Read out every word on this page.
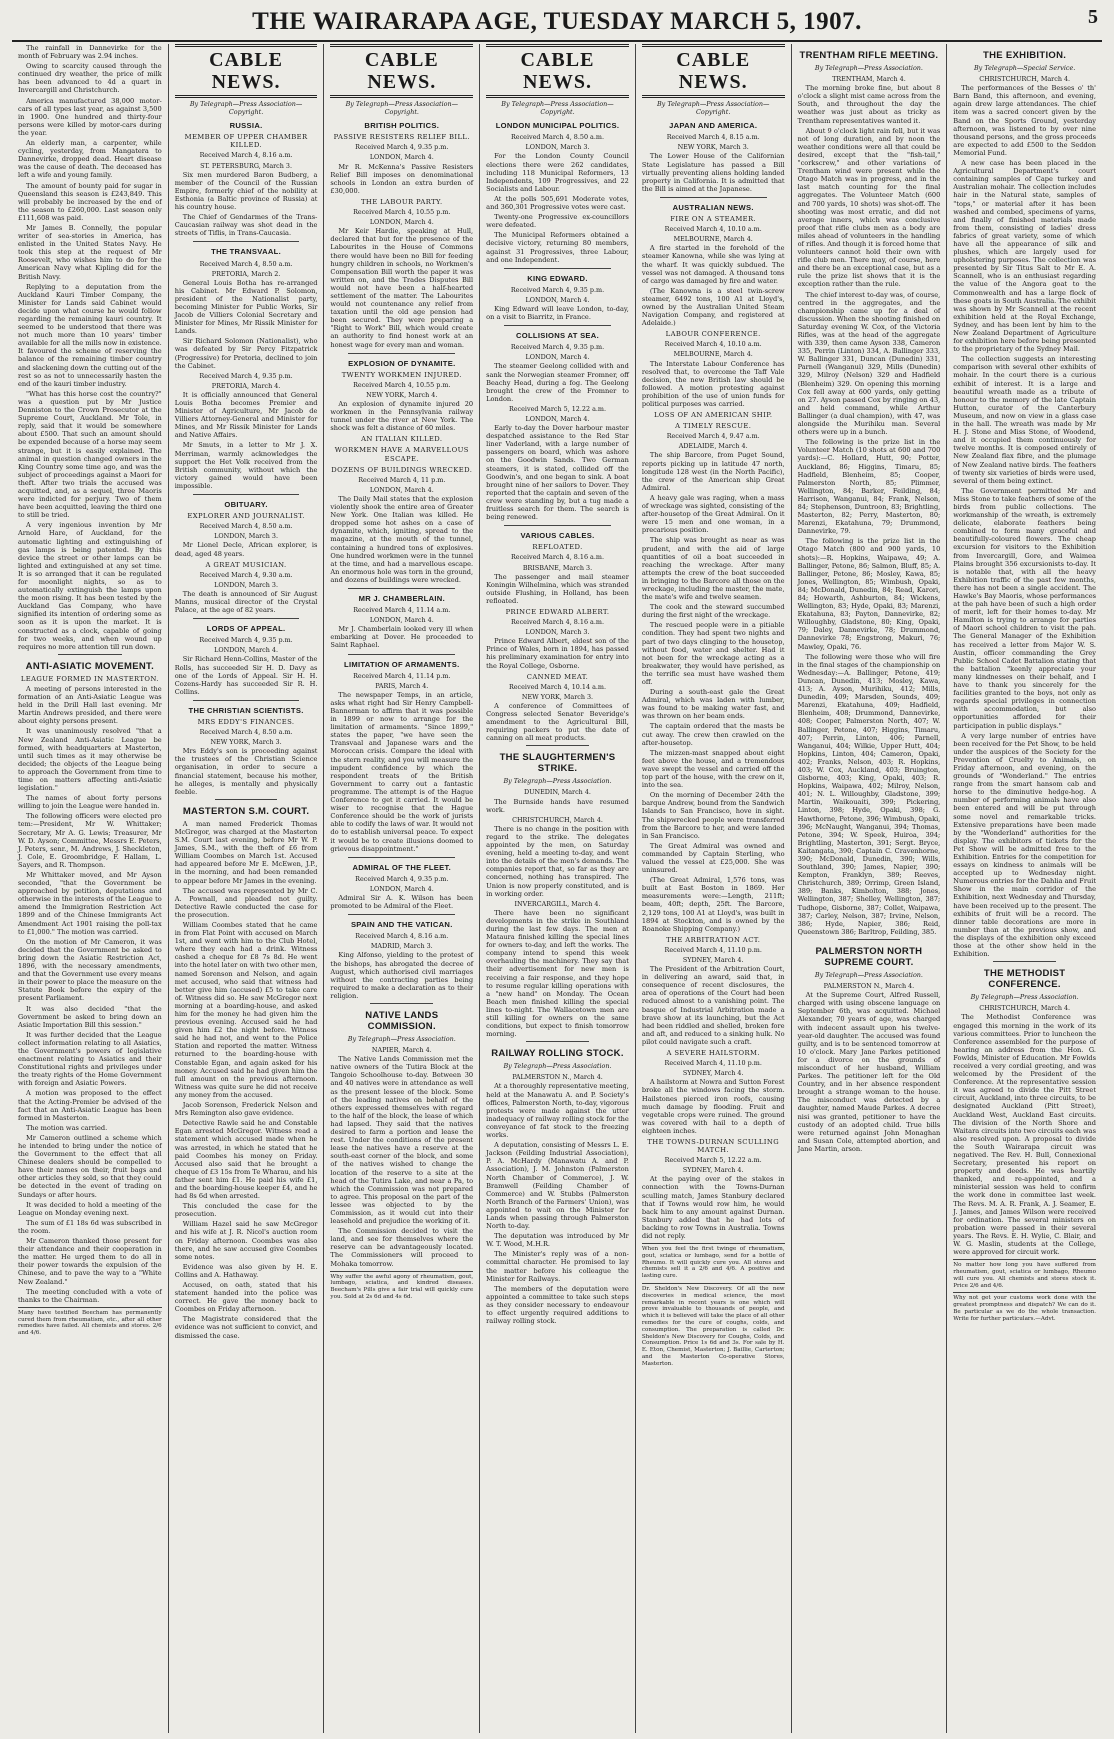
THE WAIRARAPA AGE, TUESDAY MARCH 5, 1907.	5

The rainfall in Dannevirke for the month of February was 2.94 inches.

Owing to scarcity caused through the continued dry weather, the price of milk has been advanced to 4d a quart in Invercargill and Christchurch.

America manufactured 38,000 motor-cars of all types last year, as against 3,500 in 1900. One hundred and thirty-four persons were killed by motor-cars during the year.

An elderly man, a carpenter, while cycling, yesterday, from Mangatera to Dannevirke, dropped dead. Heart disease was the cause of death. The deceased has left a wife and young family.

The amount of bounty paid for sugar in Queensland this season is £243,849. This will probably be increased by the end of the season to £260,000. Last season only £111,608 was paid.

Mr James B. Connelly, the popular writer of sea-stories in America, has enlisted in the United States Navy. He took this step at the request of Mr Roosevelt, who wishes him to do for the American Navy what Kipling did for the British Navy.

Replying to a deputation from the Auckland Kauri Timber Company, the Minister for Lands said Cabinet would decide upon what course he would follow regarding the remaining kauri country. It seemed to be understood that there was not much more than 10 years' timber available for all the mills now in existence. It favoured the scheme of reserving the balance of the remaining timber country and slackening down the cutting out of the rest so as not to unnecessarily hasten the end of the kauri timber industry.

"What has this horse cost the country?" was a question put by Mr Justice Denniston to the Crown Prosecutor at the Supreme Court, Auckland. Mr Tole, in reply, said that it would be somewhere about £500. That such an amount should be expended because of a horse may seem strange, but it is easily explained. The animal in question changed owners in the King Country some time ago, and was the subject of proceedings against a Maori for theft. After two trials the accused was acquitted, and, as a sequel, three Maoris were indicted for perjury. Two of them have been acquitted, leaving the third one to still be tried.

A very ingenious invention by Mr Arnold Hare, of Auckland, for the automatic lighting and extinguishing of gas lamps is being patented. By this device the street or other lamps can be lighted and extinguished at any set time. It is so arranged that it can be regulated for moonlight nights, so as to automatically extinguish the lamps upon the moon rising. It has been tested by the Auckland Gas Company, who have signified its intention of ordering some as soon as it is upon the market. It is constructed as a clock, capable of going for two weeks, and when wound up requires no more attention till run down.

ANTI-ASIATIC MOVEMENT.
LEAGUE FORMED IN MASTERTON.

A meeting of persons interested in the formation of an Anti-Asiatic League was held in the Drill Hall last evening. Mr Martin Andrews presided, and there were about eighty persons present.

It was unanimously resolved "that a New Zealand Anti-Asiatic League be formed, with headquarters at Masterton, until such times as it may otherwise be decided; the objects of the League being to approach the Government from time to time on matters affecting anti-Asiatic legislation."

The names of about forty persons willing to join the League were handed in.

The following officers were elected pro tem:—President, Mr W. Whittaker; Secretary, Mr A. G. Lewis; Treasurer, Mr W. D. Ayson; Committee, Messrs E. Peters, J. Peters, senr., M. Andrews, J. Sheckleton, J. Cole, E. Groombridge, F. Hallam, L. Sayers, and R. Thompson.

Mr Whittaker moved, and Mr Ayson seconded, "that the Government be approached by petition, deputations and otherwise in the interests of the League to amend the Immigration Restriction Act 1899 and of the Chinese Immigrants Act Amendment Act 1901 raising the poll-tax to £1,000." The motion was carried.

On the motion of Mr Cameron, it was decided that the Government be asked to bring down the Asiatic Restriction Act, 1896, with the necessary amendments, and that the Government use every means in their power to place the measure on the Statute Book before the expiry of the present Parliament.

It was also decided "that the Government be asked to bring down an Asiatic Importation Bill this session."

It was further decided that the League collect information relating to all Asiatics, the Government's powers of legislative enactment relating to Asiatics and their Constitutional rights and privileges under the treaty rights of the Home Government with foreign and Asiatic Powers.

A motion was proposed to the effect that the Acting-Premier be advised of the fact that an Anti-Asiatic League has been formed in Masterton.

The motion was carried.

Mr Cameron outlined a scheme which he intended to bring under the notice of the Government to the effect that all Chinese dealers should be compelled to have their names on their, fruit bags and other articles they sold, so that they could be detected in the event of trading on Sundays or after hours.

It was decided to hold a meeting of the League on Monday evening next.

The sum of £1 18s 6d was subscribed in the room.

Mr Cameron thanked those present for their attendance and their cooperation in the matter. He urged them to do all in their power towards the expulsion of the Chinese, and to pave the way to a "White New Zealand."

The meeting concluded with a vote of thanks to the Chairman.

Many have testified Beecham has permanently cured them from rheumatism, etc., after all other remedies have failed. All chemists and stores. 2/6 and 4/6.
CABLE NEWS.
By Telegraph—Press Association—Copyright.
RUSSIA.
MEMBER OF UPPER CHAMBER KILLED.
Received March 4, 8.16 a.m.
ST. PETERSBURG, March 3.

Six men murdered Baron Budberg, a member of the Council of the Russian Empire, formerly chief of the nobility at Esthonia (a Baltic province of Russia) at his country house.

The Chief of Gendarmes of the Trans-Caucasian railway was shot dead in the streets of Tiflis, in Trans-Caucasia.

THE TRANSVAAL.
Received March 4, 8.50 a.m.
PRETORIA, March 2.

General Louis Botha has re-arranged his Cabinet. Mr Edward P. Solomon, president of the Nationalist party, becoming Minister for Public Works, Sir Jacob de Villiers Colonial Secretary and Minister for Mines, Mr Rissik Minister for Lands.

Sir Richard Solomon (Nationalist), who was defeated by Sir Percy Fitzpatrick (Progressive) for Pretoria, declined to join the Cabinet.

Received March 4, 9.35 p.m.
PRETORIA, March 4.

It is officially announced that General Louis Botha becomes Premier and Minister of Agriculture, Mr Jacob de Villiers Attorney-General and Minister for Mines, and Mr Rissik Minister for Lands and Native Affairs.

Mr Smuts, in a letter to Mr J. X. Merriman, warmly acknowledges the support the Het Volk received from the British community, without which the victory gained would have been impossible.

OBITUARY.
EXPLORER AND JOURNALIST.
Received March 4, 8.50 a.m.
LONDON, March 3.

Mr Lionel Decle, African explorer, is dead, aged 48 years.

A GREAT MUSICIAN.
Received March 4, 9.30 a.m.
LONDON, March 3.

The death is announced of Sir August Manns, musical director of the Crystal Palace, at the age of 82 years.

LORDS OF APPEAL.
Received March 4, 9.35 p.m.
LONDON, March 4.

Sir Richard Henn-Collins, Master of the Rolls, has succeeded Sir H. D. Davy as one of the Lords of Appeal. Sir H. H. Cozens-Hardy has succeeded Sir R. H. Collins.

THE CHRISTIAN SCIENTISTS.
MRS EDDY'S FINANCES.
Received March 4, 8.50 a.m.
NEW YORK, March 3.

Mrs Eddy's son is proceeding against the trustees of the Christian Science organisation, in order to secure a financial statement, because his mother, he alleges, is mentally and physically feeble.

MASTERTON S.M. COURT.

A man named Frederick Thomas McGregor, was charged at the Masterton S.M. Court last evening, before Mr W. P. James, S.M., with the theft of £6 from William Coombes on March 1st. Accused had appeared before Mr E. McEwen, J.P., in the morning, and had been remanded to appear before Mr James in the evening.

The accused was represented by Mr C. A. Pownall, and pleaded not guilty. Detective Rawle conducted the case for the prosecution.

William Coombes stated that he came in from Flat Point with accused on March 1st, and went with him to the Club Hotel, where they each had a drink. Witness cashed a cheque for £8 7s 8d. He went into the hotel later on with two other men, named Sorenson and Nelson, and again met accused, who said that witness had better give him (accused) £5 to take care of. Witness did so. He saw McGregor next morning at a boarding-house, and asked him for the money he had given him the previous evening. Accused said he had given him £2 the night before. Witness said he had not, and went to the Police Station and reported the matter. Witness returned to the boarding-house with Constable Egan, and again asked for his money. Accused said he had given him the full amount on the previous afternoon. Witness was quite sure he did not receive any money from the accused.

Jacob Sorenson, Frederick Nelson and Mrs Remington also gave evidence.

Detective Rawle said he and Constable Egan arrested McGregor. Witness read a statement which accused made when he was arrested, in which he stated that he paid Coombes his money on Friday. Accused also said that he brought a cheque of £3 15s from Te Wharau, and his father sent him £1. He paid his wife £1, and the boarding-house keeper £4, and he had 8s 6d when arrested.

This concluded the case for the prosecution.

William Hazel said he saw McGregor and his wife at J. R. Nicol's auction room on Friday afternoon. Coombes was also there, and he saw accused give Coombes some notes.

Evidence was also given by H. E. Collins and A. Hathaway.

Accused, on oath, stated that his statement handed into the police was correct. He gave the money back to Coombes on Friday afternoon.

The Magistrate considered that the evidence was not sufficient to convict, and dismissed the case.

CABLE NEWS.
By Telegraph—Press Association—Copyright.
BRITISH POLITICS.
PASSIVE RESISTERS RELIEF BILL.
Received March 4, 9.35 p.m.
LONDON, March 4.

Mr R. McKenna's Passive Resisters Relief Bill imposes on denominational schools in London an extra burden of £30,000.

THE LABOUR PARTY.
Received March 4, 10.55 p.m.
LONDON, March 4.

Mr Keir Hardie, speaking at Hull, declared that but for the presence of the Labourites in the House of Commons there would have been no Bill for feeding hungry children in schools, no Workmen's Compensation Bill worth the paper it was written on, and the Trades Disputes Bill would not have been a half-hearted settlement of the matter. The Labourites would not countenance any relief from taxation until the old age pension had been secured. They were preparing a "Right to Work" Bill, which would create an authority to find honest work at an honest wage for every man and woman.

EXPLOSION OF DYNAMITE.
TWENTY WORKMEN INJURED.
Received March 4, 10.55 p.m.
NEW YORK, March 4.

An explosion of dynamite injured 20 workmen in the Pennsylvania railway tunnel under the river at New York. The shock was felt a distance of 60 miles.

AN ITALIAN KILLED.
WORKMEN HAVE A MARVELLOUS ESCAPE.
DOZENS OF BUILDINGS WRECKED.
Received March 4, 11 p.m.
LONDON, March 4.

The Daily Mail states that the explosion violently shook the entire area of Greater New York. One Italian was killed. He dropped some hot ashes on a case of dynamite, which, igniting, spread to the magazine, at the mouth of the tunnel, containing a hundred tons of explosives. One hundred workmen were in the tunnel at the time, and had a marvellous escape. An enormous hole was torn in the ground, and dozens of buildings were wrecked.

MR J. CHAMBERLAIN.
Received March 4, 11.14 a.m.
LONDON, March 4.

Mr J. Chamberlain looked very ill when embarking at Dover. He proceeded to Saint Raphael.

LIMITATION OF ARMAMENTS.
Received March 4, 11.14 p.m.
PARIS, March 4.

The newspaper Temps, in an article, asks what right had Sir Henry Campbell-Bannerman to affirm that it was possible in 1899 or now to arrange for the limitation of armaments. "Since 1899," states the paper, "we have seen the Transvaal and Japanese wars and the Moroccan crisis. Compare the ideal with the stern reality, and you will measure the impudent confidence by which the respondent treats of the British Government to carry out a fantastic programme. The attempt is of the Hague Conference to get it carried. It would be wiser to recognise that the Hague Conference should be the work of jurists able to codify the laws of war. It would not do to establish universal peace. To expect it would be to create illusions doomed to grievous disappointment."

ADMIRAL OF THE FLEET.
Received March 4, 9.35 p.m.
LONDON, March 4.

Admiral Sir A. K. Wilson has been promoted to be Admiral of the Fleet.

SPAIN AND THE VATICAN.
Received March 4, 8.16 a.m.
MADRID, March 3.

King Alfonso, yielding to the protest of the bishops, has abrogated the decree of August, which authorised civil marriages without the contracting parties being required to make a declaration as to their religion.

NATIVE LANDS COMMISSION.
By Telegraph—Press Association.
NAPIER, March 4.

The Native Lands Commission met the native owners of the Tutira Block at the Tangoio Schoolhouse to-day. Between 30 and 40 natives were in attendance as well as the present lessee of the block. Some of the leading natives on behalf of the others expressed themselves with regard to the half of the block, the lease of which had lapsed. They said that the natives desired to farm a portion and lease the rest. Under the conditions of the present lease the natives have a reserve at the south-east corner of the block, and some of the natives wished to change the location of the reserve to a site at the head of the Tutira Lake, and near a Pa, to which the Commission was not prepared to agree. This proposal on the part of the lessee was objected to by the Commission, as it would cut into their leasehold and prejudice the working of it.

The Commission decided to visit the land, and see for themselves where the reserve can be advantageously located. The Commissioners will proceed to Mohaka tomorrow.

Why suffer the awful agony of rheumatism, gout, lumbago, sciatica, and kindred diseases. Beecham's Pills give a fair trial will quickly cure you. Sold at 2s 6d and 4s 6d.
CABLE NEWS.
By Telegraph—Press Association—Copyright.
LONDON MUNICIPAL POLITICS.
Received March 4, 8.50 a.m.
LONDON, March 3.

For the London County Council elections there were 262 candidates, including 118 Municipal Reformers, 13 Independents, 109 Progressives, and 22 Socialists and Labour.

At the polls 505,691 Moderate votes, and 360,301 Progressive votes were cast.

Twenty-one Progressive ex-councillors were defeated.

The Municipal Reformers obtained a decisive victory, returning 80 members, against 31 Progressives, three Labour, and one Independent.

KING EDWARD.
Received March 4, 9.35 p.m.
LONDON, March 4.

King Edward will leave London, to-day, on a visit to Biarritz, in France.

COLLISIONS AT SEA.
Received March 4, 9.35 p.m.
LONDON, March 4.

The steamer Geelong collided with and sank the Norwegian steamer Fromner, off Beachy Head, during a fog. The Geelong brought the crew of the Fromner to London.

Received March 5, 12.22 a.m.
LONDON, March 4.

Early to-day the Dover harbour master despatched assistance to the Red Star liner Vaderland, with a large number of passengers on board, which was ashore on the Goodwin Sands. Two German steamers, it is stated, collided off the Goodwin's, and one began to sink. A boat brought nine of her sailors to Dover. They reported that the captain and seven of the crew were standing by, but a tug made a fruitless search for them. The search is being renewed.

VARIOUS CABLES.
REFLOATED.
Received March 4, 8.16 a.m.
BRISBANE, March 3.

The passenger and mail steamer Koningin Wilhelmina, which was stranded outside Flushing, in Holland, has been refloated.

PRINCE EDWARD ALBERT.
Received March 4, 8.16 a.m.
LONDON, March 3.

Prince Edward Albert, eldest son of the Prince of Wales, born in 1894, has passed his preliminary examination for entry into the Royal College, Osborne.

CANNED MEAT.
Received March 4, 10.14 a.m.
NEW YORK, March 3.

A conference of Committees of Congress selected Senator Beveridge's amendment to the Agricultural Bill, requiring packers to put the date of canning on all meat products.

THE SLAUGHTERMEN'S STRIKE.
By Telegraph—Press Association.
DUNEDIN, March 4.

The Burnside hands have resumed work.

CHRISTCHURCH, March 4.

There is no change in the position with regard to the strike. The delegates appointed by the men, on Saturday evening, held a meeting to-day, and went into the details of the men's demands. The companies report that, so far as they are concerned, nothing has transpired. The Union is now properly constituted, and is in working order.

INVERCARGILL, March 4.

There have been no significant developments in the strike in Southland during the last few days. The men at Mataura finished killing the special lines for owners to-day, and left the works. The company intend to spend this week overhauling the machinery. They say that their advertisement for new men is receiving a fair response, and they hope to resume regular killing operations with a "new hand" on Monday. The Ocean Beach men finished killing the special lines to-night. The Wallacetown men are still killing for owners on the same conditions, but expect to finish tomorrow morning.

RAILWAY ROLLING STOCK.
By Telegraph—Press Association.
PALMERSTON N., March 4.

At a thoroughly representative meeting, held at the Manawatu A. and P. Society's offices, Palmerston North, to-day, vigorous protests were made against the utter inadequacy of railway rolling stock for the conveyance of fat stock to the freezing works.

A deputation, consisting of Messrs L. E. Jackson (Feilding Industrial Association), P. A. McHardy (Manawatu A. and P. Association), J. M. Johnston (Palmerston North Chamber of Commerce), J. W. Bramwell (Feilding Chamber of Commerce) and W. Stubbs (Palmerston North Branch of the Farmers' Union), was appointed to wait on the Minister for Lands when passing through Palmerston North to-day.

The deputation was introduced by Mr W. T. Wood, M.H.R.

The Minister's reply was of a non-committal character. He promised to lay the matter before his colleague the Minister for Railways.

The members of the deputation were appointed a committee to take such steps as they consider necessary to endeavour to effect urgently required additions to railway rolling stock.

CABLE NEWS.
By Telegraph—Press Association—Copyright.
JAPAN AND AMERICA.
Received March 4, 8.15 a.m.
NEW YORK, March 3.

The Lower House of the Californian State Legislature has passed a Bill virtually preventing aliens holding landed property in California. It is admitted that the Bill is aimed at the Japanese.

AUSTRALIAN NEWS.
FIRE ON A STEAMER.
Received March 4, 10.10 a.m.
MELBOURNE, March 4.

A fire started in the forehold of the steamer Kanowna, while she was lying at the wharf. It was quickly subdued. The vessel was not damaged. A thousand tons of cargo was damaged by fire and water.

(The Kanowna is a steel twin-screw steamer, 6492 tons, 100 A1 at Lloyd's, owned by the Australian United Steam Navigation Company, and registered at Adelaide.)

LABOUR CONFERENCE.
Received March 4, 10.10 a.m.
MELBOURNE, March 4.

The Interstate Labour Conference has resolved that, to overcome the Taff Vale decision, the new British law should be followed. A motion protesting against prohibition of the use of union funds for political purposes was carried.

LOSS OF AN AMERICAN SHIP.
A TIMELY RESCUE.
Received March 4, 9.47 a.m.
ADELAIDE, March 4.

The ship Barcore, from Puget Sound, reports picking up in latitude 47 north, longitude 128 west (in the North Pacific), the crew of the American ship Great Admiral.

A heavy gale was raging, when a mass of wreckage was sighted, consisting of the after-housetop of the Great Admiral. On it were 15 men and one woman, in a precarious position.

The ship was brought as near as was prudent, and with the aid of large quantities of oil a boat succeeded in reaching the wreckage. After many attempts the crew of the boat succeeded in bringing to the Barcore all those on the wreckage, including the master, the mate, the mate's wife and twelve seamen.

The cook and the steward succumbed during the first night of the wreckage.

The rescued people were in a pitiable condition. They had spent two nights and part of two days clinging to the housetop, without food, water and shelter. Had it not been for the wreckage acting as a breakwater, they would have perished, as the terrific sea must have washed them off.

During a south-east gale the Great Admiral, which was laden with lumber, was found to be making water fast, and was thrown on her beam ends.

The captain ordered that the masts be cut away. The crew then crawled on the after-housetop.

The mizzen-mast snapped about eight feet above the house, and a tremendous wave swept the vessel and carried off the top part of the house, with the crew on it, into the sea.

On the morning of December 24th the barque Andrew, bound from the Sandwich Islands to San Francisco, hove in sight. The shipwrecked people were transferred from the Barcore to her, and were landed in San Francisco.

The Great Admiral was owned and commanded by Captain Sterling, who valued the vessel at £25,000. She was uninsured.

(The Great Admiral, 1,576 tons, was built at East Boston in 1869. Her measurements were:—Length, 211ft; beam, 40ft; depth, 25ft. The Barcore, 2,129 tons, 100 A1 at Lloyd's, was built in 1894 at Stockton, and is owned by the Roanoke Shipping Company.)

THE ARBITRATION ACT.
Received March 4, 11.10 p.m.
SYDNEY, March 4.

The President of the Arbitration Court, in delivering an award, said that, in consequence of recent disclosures, the area of operations of the Court had been reduced almost to a vanishing point. The basque of Industrial Arbitration made a brave show at its launching, but the Act had been riddled and shelled, broken fore and aft, and reduced to a sinking hulk. No pilot could navigate such a craft.

A SEVERE HAILSTORM.
Received March 4, 11.10 p.m.
SYDNEY, March 4.

A hailstorm at Nowra and Sutton Forest broke all the windows facing the storm. Hailstones pierced iron roofs, causing much damage by flooding. Fruit and vegetable crops were ruined. The ground was covered with hail to a depth of eighteen inches.

THE TOWNS-DURNAN SCULLING MATCH.
Received March 5, 12.22 a.m.
SYDNEY, March 4.

At the paying over of the stakes in connection with the Towns-Durnan sculling match, James Stanbury declared that if Towns would row him, he would back him to any amount against Durnan. Stanbury added that he had lots of backing to row Towns in Australia. Towns did not reply.

When you feel the first twinge of rheumatism, gout, sciatica or lumbago, send for a bottle of Rheumo. It will quickly cure you. All stores and chemists sell it a 2/6 and 4/6. A positive and lasting cure.
Dr. Sheldon's New Discovery. Of all the new discoveries in medical science, the most remarkable in recent years is one which will prove invaluable to thousands of people, and which it is believed will take the place of all other remedies for the cure of coughs, colds, and consumption. The preparation is called Dr. Sheldon's New Discovery for Coughs, Colds, and Consumption. Price 1s 6d and 3s. For sale by H. E. Eton, Chemist, Masterton; J. Baillie, Carterton; and the Masterton Co-operative Stores, Masterton.
TRENTHAM RIFLE MEETING.
By Telegraph—Press Association.
TRENTHAM, March 4.

The morning broke fine, but about 8 o'clock a slight mist came across from the South, and throughout the day the weather was just about as tricky as Trentham representatives wanted it.

About 9 o'clock light rain fell, but it was not of long duration, and by noon the weather conditions were all that could be desired, except that the "fish-tail," "corkscrew," and other variations of Trentham wind were present while the Otago Match was in progress, and in the last match counting for the final aggregates. The Volunteer Match (600 and 700 yards, 10 shots) was shot-off. The shooting was most erratic, and did not average inners, which was conclusive proof that rifle clubs men as a body are miles ahead of volunteers in the handling of rifles. And though it is forced home that volunteers cannot hold their own with rifle club men. There may, of course, here and there be an exceptional case, but as a rule the prize list shows that it is the exception rather than the rule.

The chief interest to-day was, of course, centred in the aggregates, and the championship came up for a deal of discussion. When the shooting finished on Saturday evening W. Cox, of the Victoria Rifles, was at the head of the aggregate with 339, then came Ayson 338, Cameron 335, Perrin (Linton) 334, A. Ballinger 333, W. Ballinger 331, Duncan (Dunedin) 331, Parnell (Wanganui) 329, Mills (Dunedin) 329, Milroy (Nelson) 329 and Hadfield (Blenheim) 329. On opening this morning Cox fell away at 600 yards, only getting on 27. Ayson passed Cox by ringing on 43, and held command, while Arthur Ballinger (a dual champion), with 47, was alongside the Murihiku man. Several others were up in a bunch.

The following is the prize list in the Volunteer Match (10 shots at 600 and 700 yards):—C. Hollard, Hutt, 90; Potter, Auckland, 86; Higgins, Timaru, 85; Hadfield, Blenheim, 85; Cooper, Palmerston North, 85; Plimmer, Wellington, 84; Barker, Feilding, 84; Harrison, Wanganui, 84; Frank, Nelson, 84; Stephenson, Duntroon, 83; Brightling, Masterton, 82; Perry, Masterton, 80; Marenzi, Ekatahuna, 79; Drummond, Dannevirke, 79.

The following is the prize list in the Otago Match (800 and 900 yards, 10 shots):—R. Hopkins, Waipawa, 49; A. Ballinger, Petone, 86; Salmon, Bluff, 85; A. Ballinger, Petone, 86; Mosley, Kawa, 85; Jones, Wellington, 85; Wimbush, Opaki, 84; McDonald, Dunedin, 84; Read, Karori, 84; Howarth, Ashburton, 84; Wickens, Wellington, 83; Hyde, Opaki, 83; Marenzi, Ekatahuna, 83; Payton, Dannevirke, 82; Willoughby, Gladstone, 80; King, Opaki, 79; Daley, Dannevirke, 78; Drummond, Dannevirke 78; Engstrong, Makuri, 76; Mawley, Opaki, 76.

The following were those who will fire in the final stages of the championship on Wednesday:—A. Ballinger, Petone, 419; Duncan, Dunedin, 413; Mosley, Kawa, 413; A. Ayson, Murihiku, 412; Mills, Dunedin, 409; Marsden, Sounds, 409; Marenzi, Ekatahuna, 409; Hadfield, Blenheim, 408; Drummond, Dannevirke, 408; Cooper, Palmerston North, 407; W. Ballinger, Petone, 407; Higgins, Timaru, 407; Perrin, Linton, 406; Parnell, Wanganui, 404; Wilkie, Upper Hutt, 404; Hopkins, Linton, 404; Cameron, Opaki, 402; Franks, Nelson, 403; R. Hopkins, 403; W. Cox, Auckland, 403; Bruington, Gisborne, 403; King, Opaki, 403; R. Hopkins, Waipawa, 402; Milroy, Nelson, 401; N. L. Willoughby, Gladstone, 399; Martin, Waikouaiti, 399; Pickering, Linton, 398; Hyde, Opaki, 398; G. Hawthorne, Petone, 396; Wimbush, Opaki, 396; McNaught, Wanganui, 394; Thomas, Petone, 394; W. Speek, Huiroa, 394; Brightling, Masterton, 391; Sergt. Bryce, Kaitangata, 390; Captain C. Cravenhorne, 390; McDonald, Dunedin, 390; Wills, Southland, 390; James, Napier, 390; Kempton, Franklyn, 389; Reeves, Christchurch, 389; Orrimp, Green Island, 389; Banks, Kimbolton, 388; Jones, Wellington, 387; Shelley, Wellington, 387; Tudhope, Gisborne, 387; Collet, Waipawa, 387; Carley, Nelson, 387; Irvine, Nelson, 386; Hyde, Napier, 386; Reid, Queenstown 386; Barltrop, Feilding, 385.

PALMERSTON NORTH SUPREME COURT.
By Telegraph—Press Association.
PALMERSTON N., March 4.

At the Supreme Court, Alfred Russell, charged with using obscene language on September 6th, was acquitted. Michael Alexander, 70 years of age, was charged with indecent assault upon his twelve-year-old daughter. The accused was found guilty, and is to be sentenced tomorrow at 10 o'clock. Mary Jane Parkes petitioned for a divorce on the grounds of misconduct of her husband, William Parkes. The petitioner left for the Old Country, and in her absence respondent brought a strange woman to the house. The misconduct was detected by a daughter, named Maude Parkes. A decree nisi was granted, petitioner to have the custody of an adopted child. True bills were returned against John Monaghan and Susan Cole, attempted abortion, and Jane Martin, arson.

THE EXHIBITION.
By Telegraph—Special Service.
CHRISTCHURCH, March 4.

The performances of the Besses o' th' Barn Band, this afternoon, and evening, again drew large attendances. The chief item was a sacred concert given by the Band on the Sports Ground, yesterday afternoon, was listened to by over nine thousand persons, and the gross proceeds are expected to add £500 to the Seddon Memorial Fund.

A new case has been placed in the Agricultural Department's court containing samples of Cape turkey and Australian mohair. The collection includes hair in the Natural state, samples of "tops," or material after it has been washed and combed, specimens of yarns, and finally of finished materials made from them, consisting of ladies' dress fabrics of great variety, some of which have all the appearance of silk and plushes, which are largely used for upholstering purposes. The collection was presented by Sir Titus Salt to Mr E. A. Scannell, who is an enthusiast regarding the value of the Angora goat to the Commonwealth and has a large flock of these goats in South Australia. The exhibit was shown by Mr Scannell at the recent exhibition held at the Royal Exchange, Sydney, and has been lent by him to the New Zealand Department of Agriculture for exhibition here before being presented to the proprietary of the Sydney Mail.

The collection suggests an interesting comparison with several other exhibits of mohair. In the court there is a curious exhibit of interest. It is a large and beautiful wreath made as a tribute of honour to the memory of the late Captain Hutton, curator of the Canterbury Museum, and now on view in a glass case in the hall. The wreath was made by Mr H. J. Stone and Miss Stone, of Woodend, and it occupied them continuously for twelve months. It is composed entirely of New Zealand flax fibre, and the plumage of New Zealand native birds. The feathers of twenty six varieties of birds were used, several of them being extinct.

The Government permitted Mr and Miss Stone to take feathers of some of the birds from public collections. The workmanship of the wreath, is extremely delicate, elaborate feathers being combined to form many graceful and beautifully-coloured flowers. The cheap excursion for visitors to the Exhibition from Invercargill, Gore, and Waimea Plains brought 356 excursionists to-day. It is notable that, with all the heavy Exhibition traffic of the past few months, there has not been a single accident. The Hawke's Bay Maoris, whose performances at the pah have been of such a high order of merit, left for their homes to-day. Mr Hamilton is trying to arrange for parties of Maori school children to visit the pah. The General Manager of the Exhibition has received a letter from Major W. S. Austin, officer commanding the Grey Public School Cadet Battalion stating that the battalion "keenly appreciate your many kindnesses on their behalf, and I have to thank you sincerely for the facilities granted to the boys, not only as regards special privileges in connection with accommodation, but also opportunities afforded for their participation in public displays."

A very large number of entries have been received for the Pet Show, to be held under the auspices of the Society for the Prevention of Cruelty to Animals, on Friday afternoon, and evening, on the grounds of "Wonderland." The entries range from the smart hansom cab and horse to the diminutive hedge-hog. A number of performing animals have also been entered and will be put through some novel and remarkable tricks. Extensive preparations have been made by the "Wonderland" authorities for the display. The exhibitors of tickets for the Pet Show will be admitted free to the Exhibition. Entries for the competition for essays on kindness to animals will be accepted up to Wednesday night. Numerous entries for the Dahlia and Fruit Show in the main corridor of the Exhibition, next Wednesday and Thursday, have been received up to the present. The exhibits of fruit will be a record. The dinner table decorations are more in number than at the previous show, and the displays of the exhibition only exceed those at the other show held in the Exhibition.

THE METHODIST CONFERENCE.
By Telegraph—Press Association.
CHRISTCHURCH, March 4.

The Methodist Conference was engaged this morning in the work of its various committees. Prior to luncheon the Conference assembled for the purpose of hearing an address from the Hon. G. Fowlds, Minister of Education. Mr Fowlds received a very cordial greeting, and was welcomed by the President of the Conference. At the representative session it was agreed to divide the Pitt Street circuit, Auckland, into three circuits, to be designated Auckland (Pitt Street), Auckland West, Auckland East circuits. The division of the North Shore and Waitara circuits into two circuits each was also resolved upon. A proposal to divide the South Wairarapa circuit was negatived. The Rev. H. Bull, Connexional Secretary, presented his report on property and deeds. He was heartily thanked, and re-appointed, and a ministerial session was held to confirm the work done in committee last week. The Revs. M. A. R. Frank, A. J. Seamer, E. J. James, and James Wilson were received for ordination. The several ministers on probation were passed in their several years. The Revs. E. H. Wylie, C. Blair, and W. G. Maslin, students at the College, were approved for circuit work.

No matter how long you have suffered from rheumatism, gout, sciatica or lumbago, Rheumo will cure you. All chemists and stores stock it. Price 2/6 and 4/6.
Why not get your customs work done with the greatest promptness and dispatch? We can do it. Be particular as we do the whole transaction. Write for further particulars.—Advt.
